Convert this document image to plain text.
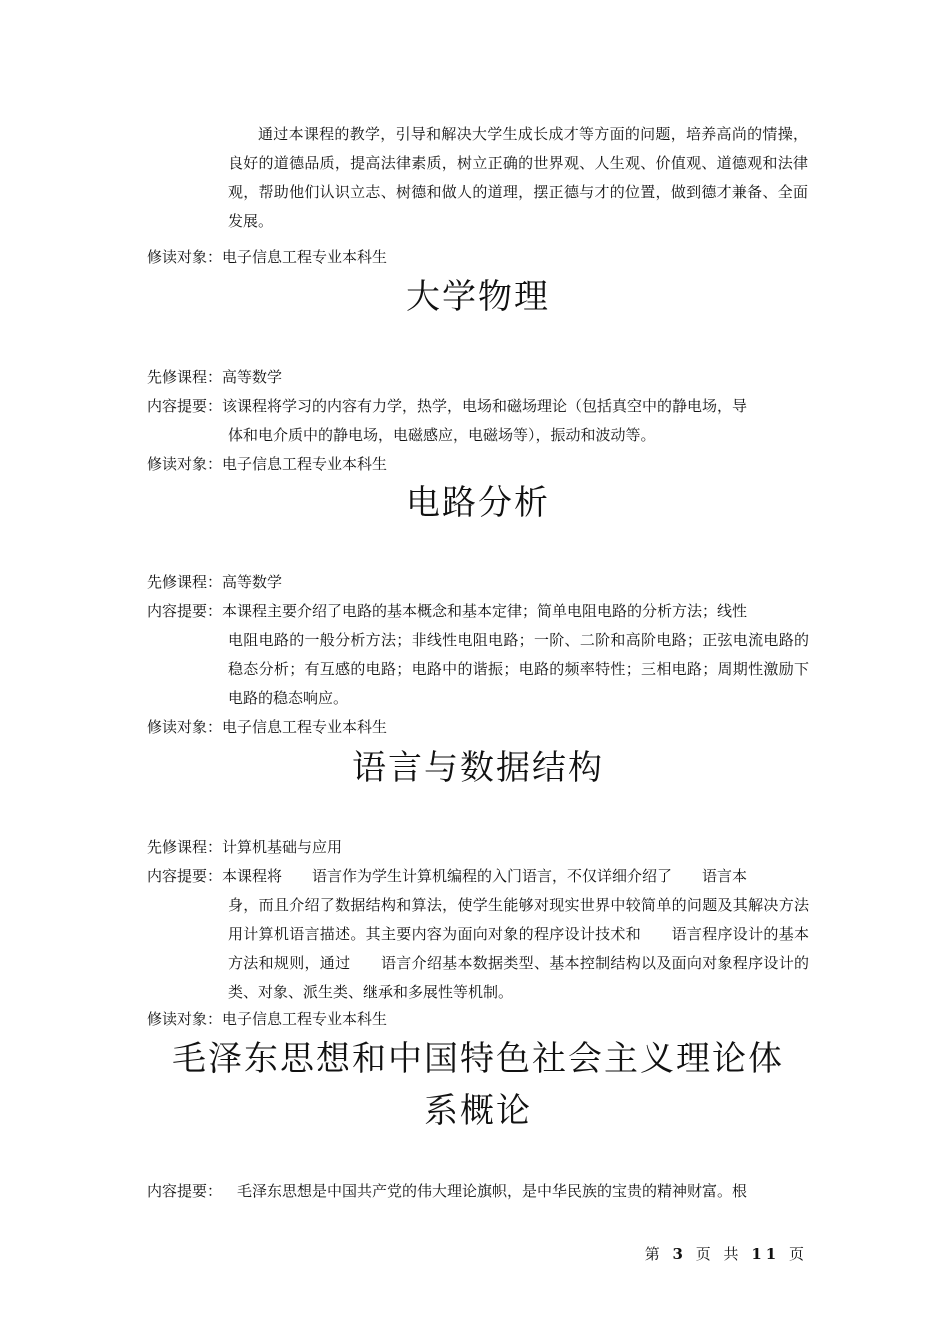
通过本课程的教学，引导和解决大学生成长成才等方面的问题，培养高尚的情操，良好的道德品质，提高法律素质，树立正确的世界观、人生观、价值观、道德观和法律观，帮助他们认识立志、树德和做人的道理，摆正德与才的位置，做到德才兼备、全面发展。
修读对象： 电子信息工程专业本科生
大学物理
先修课程： 高等数学
内容提要：该课程将学习的内容有力学，热学，电场和磁场理论（包括真空中的静电场，导
体和电介质中的静电场，电磁感应，电磁场等），振动和波动等。
修读对象： 电子信息工程专业本科生
电路分析
先修课程： 高等数学
内容提要：本课程主要介绍了电路的基本概念和基本定律；简单电阻电路的分析方法；线性
电阻电路的一般分析方法；非线性电阻电路；一阶、二阶和高阶电路；正弦电流电路的稳态分析；有互感的电路；电路中的谐振；电路的频率特性；三相电路；周期性激励下电路的稳态响应。
修读对象： 电子信息工程专业本科生
语言与数据结构
先修课程： 计算机基础与应用
内容提要：本课程将　　语言作为学生计算机编程的入门语言，不仅详细介绍了　　语言本
身，而且介绍了数据结构和算法，使学生能够对现实世界中较简单的问题及其解决方法用计算机语言描述。其主要内容为面向对象的程序设计技术和　　语言程序设计的基本方法和规则，通过　　语言介绍基本数据类型、基本控制结构以及面向对象程序设计的类、对象、派生类、继承和多展性等机制。
修读对象： 电子信息工程专业本科生
毛泽东思想和中国特色社会主义理论体
系概论
内容提要：	毛泽东思想是中国共产党的伟大理论旗帜，是中华民族的宝贵的精神财富。根
第 3 页 共 11 页
